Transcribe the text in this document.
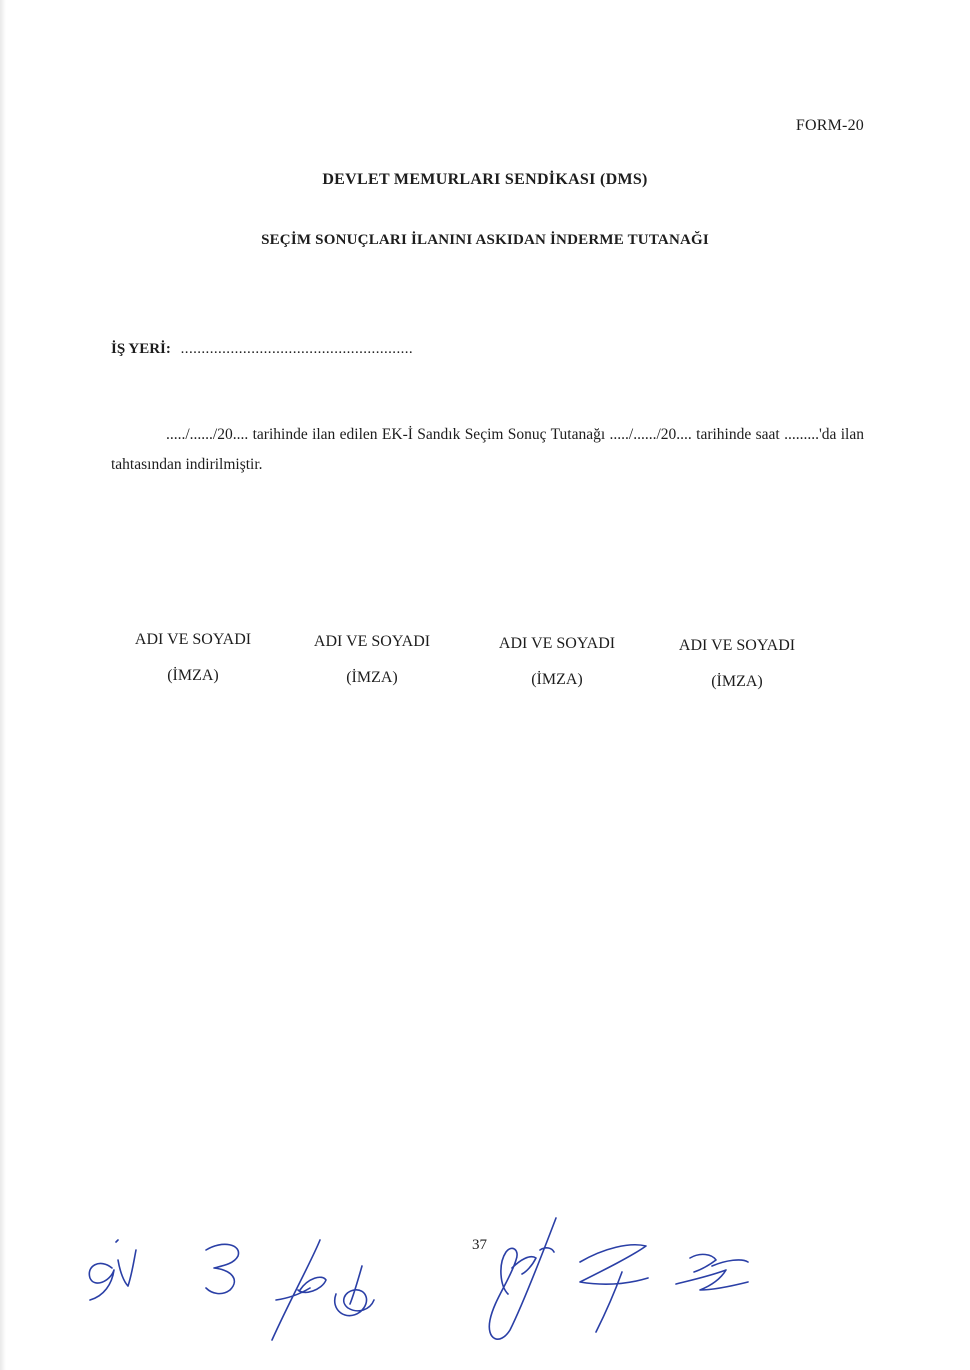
FORM-20
DEVLET MEMURLARI SENDİKASI (DMS)
SEÇİM SONUÇLARI İLANINI ASKIDAN İNDERME TUTANAĞI
İŞ YERİ: ........................................................
...../....../20.... tarihinde ilan edilen EK-İ Sandık Seçim Sonuç Tutanağı ...../....../20.... tarihinde saat .........'da ilan tahtasından indirilmiştir.
ADI VE SOYADI
(İMZA)
ADI VE SOYADI
(İMZA)
ADI VE SOYADI
(İMZA)
ADI VE SOYADI
(İMZA)
37
